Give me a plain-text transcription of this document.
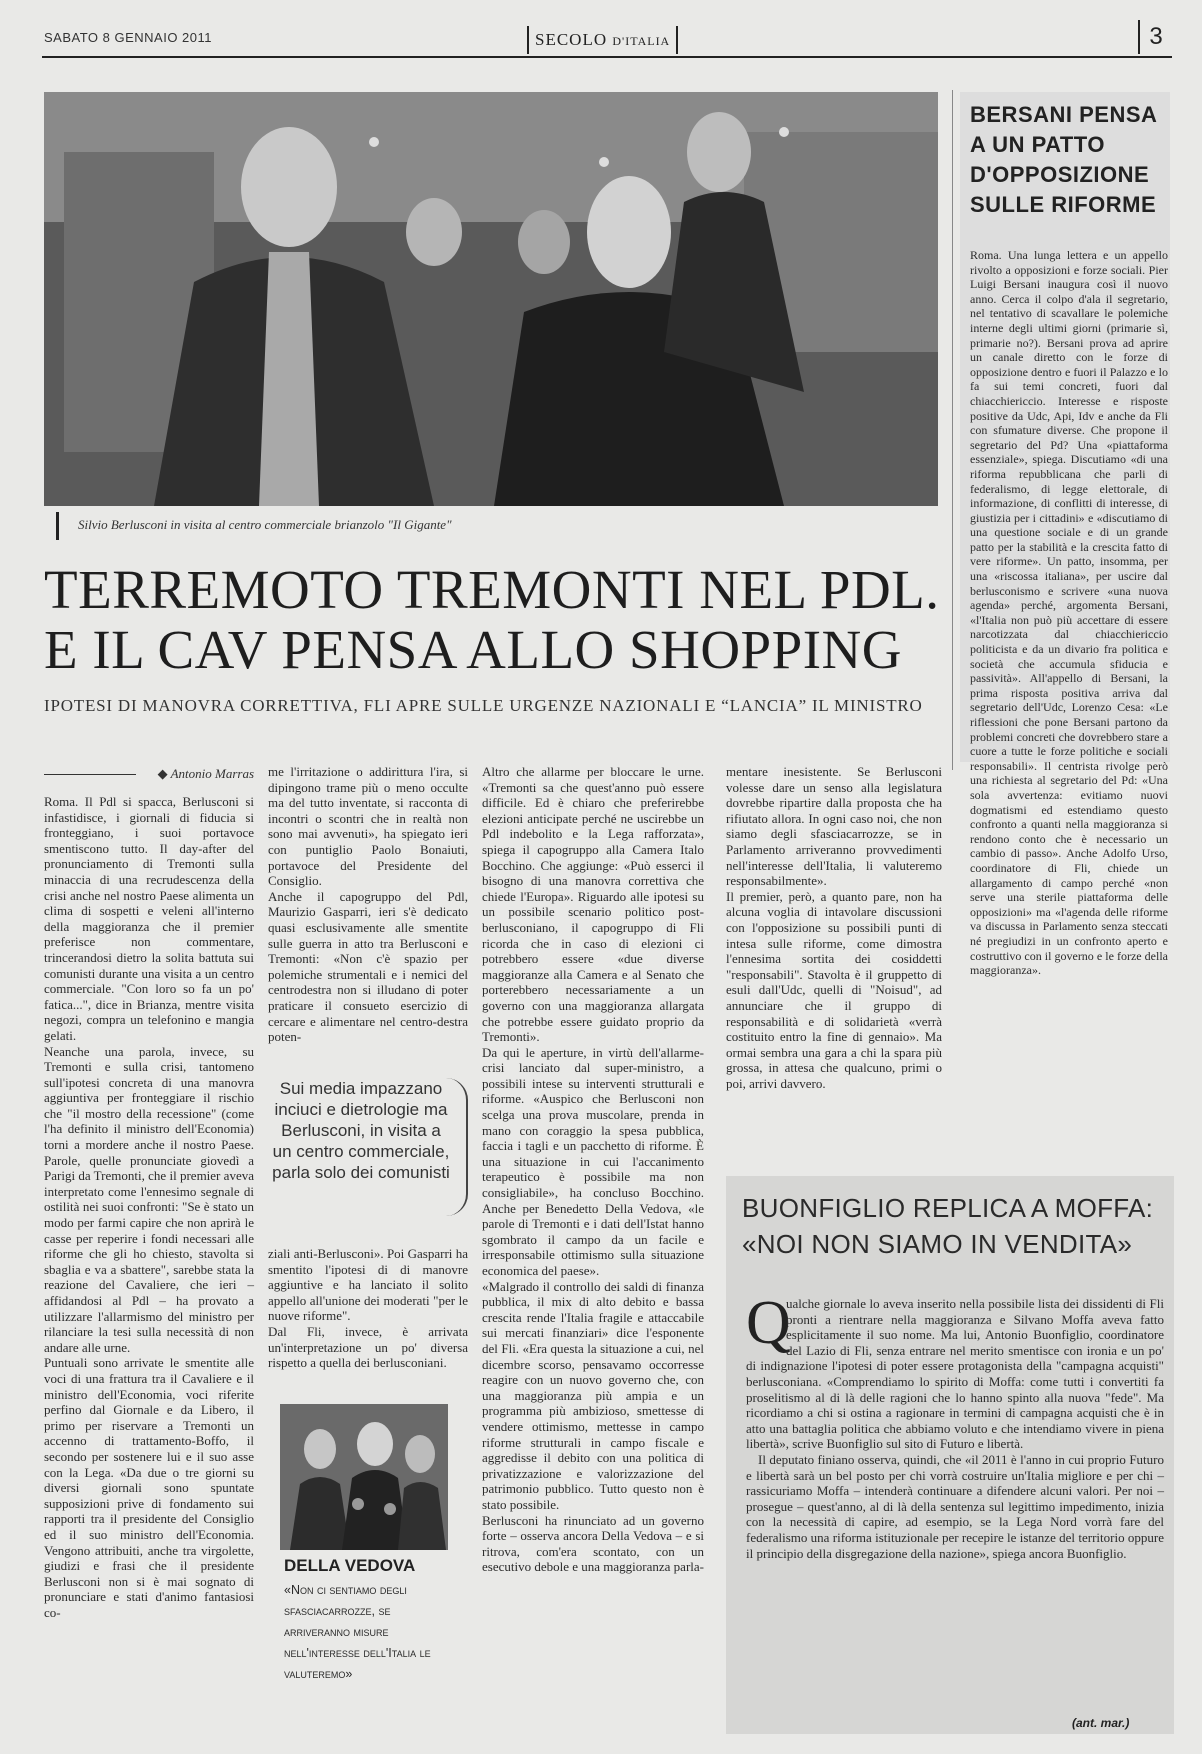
SABATO 8 GENNAIO 2011	SECOLO D'ITALIA	3
Silvio Berlusconi in visita al centro commerciale brianzolo "Il Gigante"
TERREMOTO TREMONTI NEL PDL.
E IL CAV PENSA ALLO SHOPPING
IPOTESI DI MANOVRA CORRETTIVA, FLI APRE SULLE URGENZE NAZIONALI E “LANCIA” IL MINISTRO
◆ Antonio Marras
Roma. Il Pdl si spacca, Berlusconi si infastidisce, i giornali di fiducia si fronteggiano, i suoi portavoce smentiscono tutto. Il day-after del pronunciamento di Tremonti sulla minaccia di una recrudescenza della crisi anche nel nostro Paese alimenta un clima di sospetti e veleni all'interno della maggioranza che il premier preferisce non commentare, trincerandosi dietro la solita battuta sui comunisti durante una visita a un centro commerciale. "Con loro so fa un po' fatica...", dice in Brianza, mentre visita negozi, compra un telefonino e mangia gelati.
Neanche una parola, invece, su Tremonti e sulla crisi, tantomeno sull'ipotesi concreta di una manovra aggiuntiva per fronteggiare il rischio che "il mostro della recessione" (come l'ha definito il ministro dell'Economia) torni a mordere anche il nostro Paese. Parole, quelle pronunciate giovedì a Parigi da Tremonti, che il premier aveva interpretato come l'ennesimo segnale di ostilità nei suoi confronti: "Se è stato un modo per farmi capire che non aprirà le casse per reperire i fondi necessari alle riforme che gli ho chiesto, stavolta si sbaglia e va a sbattere", sarebbe stata la reazione del Cavaliere, che ieri – affidandosi al Pdl – ha provato a utilizzare l'allarmismo del ministro per rilanciare la tesi sulla necessità di non andare alle urne.
Puntuali sono arrivate le smentite alle voci di una frattura tra il Cavaliere e il ministro dell'Economia, voci riferite perfino dal Giornale e da Libero, il primo per riservare a Tremonti un accenno di trattamento-Boffo, il secondo per sostenere lui e il suo asse con la Lega. «Da due o tre giorni su diversi giornali sono spuntate supposizioni prive di fondamento sui rapporti tra il presidente del Consiglio ed il suo ministro dell'Economia. Vengono attribuiti, anche tra virgolette, giudizi e frasi che il presidente Berlusconi non si è mai sognato di pronunciare e stati d'animo fantasiosi co-
me l'irritazione o addirittura l'ira, si dipingono trame più o meno occulte ma del tutto inventate, si racconta di incontri o scontri che in realtà non sono mai avvenuti», ha spiegato ieri con puntiglio Paolo Bonaiuti, portavoce del Presidente del Consiglio.
Anche il capogruppo del Pdl, Maurizio Gasparri, ieri s'è dedicato quasi esclusivamente alle smentite sulle guerra in atto tra Berlusconi e Tremonti: «Non c'è spazio per polemiche strumentali e i nemici del centrodestra non si illudano di poter praticare il consueto esercizio di cercare e alimentare nel centro-destra poten-
Sui media impazzano inciuci e dietrologie ma Berlusconi, in visita a un centro commerciale, parla solo dei comunisti
ziali anti-Berlusconi». Poi Gasparri ha smentito l'ipotesi di di manovre aggiuntive e ha lanciato il solito appello all'unione dei moderati "per le nuove riforme".
Dal Fli, invece, è arrivata un'interpretazione un po' diversa rispetto a quella dei berlusconiani.
DELLA VEDOVA
«Non ci sentiamo degli sfasciacarrozze, se arriveranno misure nell'interesse dell'Italia le valuteremo»
Altro che allarme per bloccare le urne. «Tremonti sa che quest'anno può essere difficile. Ed è chiaro che preferirebbe elezioni anticipate perché ne uscirebbe un Pdl indebolito e la Lega rafforzata», spiega il capogruppo alla Camera Italo Bocchino. Che aggiunge: «Può esserci il bisogno di una manovra correttiva che chiede l'Europa». Riguardo alle ipotesi su un possibile scenario politico post-berlusconiano, il capogruppo di Fli ricorda che in caso di elezioni ci potrebbero essere «due diverse maggioranze alla Camera e al Senato che porterebbero necessariamente a un governo con una maggioranza allargata che potrebbe essere guidato proprio da Tremonti».
Da qui le aperture, in virtù dell'allarme-crisi lanciato dal super-ministro, a possibili intese su interventi strutturali e riforme. «Auspico che Berlusconi non scelga una prova muscolare, prenda in mano con coraggio la spesa pubblica, faccia i tagli e un pacchetto di riforme. È una situazione in cui l'accanimento terapeutico è possibile ma non consigliabile», ha concluso Bocchino. Anche per Benedetto Della Vedova, «le parole di Tremonti e i dati dell'Istat hanno sgombrato il campo da un facile e irresponsabile ottimismo sulla situazione economica del paese».
«Malgrado il controllo dei saldi di finanza pubblica, il mix di alto debito e bassa crescita rende l'Italia fragile e attaccabile sui mercati finanziari» dice l'esponente del Fli. «Era questa la situazione a cui, nel dicembre scorso, pensavamo occorresse reagire con un nuovo governo che, con una maggioranza più ampia e un programma più ambizioso, smettesse di vendere ottimismo, mettesse in campo riforme strutturali in campo fiscale e aggredisse il debito con una politica di privatizzazione e valorizzazione del patrimonio pubblico. Tutto questo non è stato possibile.
Berlusconi ha rinunciato ad un governo forte – osserva ancora Della Vedova – e si ritrova, com'era scontato, con un esecutivo debole e una maggioranza parla-
mentare inesistente. Se Berlusconi volesse dare un senso alla legislatura dovrebbe ripartire dalla proposta che ha rifiutato allora. In ogni caso noi, che non siamo degli sfasciacarrozze, se in Parlamento arriveranno provvedimenti nell'interesse dell'Italia, li valuteremo responsabilmente».
Il premier, però, a quanto pare, non ha alcuna voglia di intavolare discussioni con l'opposizione su possibili punti di intesa sulle riforme, come dimostra l'ennesima sortita dei cosiddetti "responsabili". Stavolta è il gruppetto di esuli dall'Udc, quelli di "Noisud", ad annunciare che il gruppo di responsabilità e di solidarietà «verrà costituito entro la fine di gennaio». Ma ormai sembra una gara a chi la spara più grossa, in attesa che qualcuno, primi o poi, arrivi davvero.
BERSANI PENSA A UN PATTO D'OPPOSIZIONE SULLE RIFORME
Roma. Una lunga lettera e un appello rivolto a opposizioni e forze sociali. Pier Luigi Bersani inaugura così il nuovo anno. Cerca il colpo d'ala il segretario, nel tentativo di scavallare le polemiche interne degli ultimi giorni (primarie sì, primarie no?). Bersani prova ad aprire un canale diretto con le forze di opposizione dentro e fuori il Palazzo e lo fa sui temi concreti, fuori dal chiacchiericcio. Interesse e risposte positive da Udc, Api, Idv e anche da Fli con sfumature diverse. Che propone il segretario del Pd? Una «piattaforma essenziale», spiega. Discutiamo «di una riforma repubblicana che parli di federalismo, di legge elettorale, di informazione, di conflitti di interesse, di giustizia per i cittadini» e «discutiamo di una questione sociale e di un grande patto per la stabilità e la crescita fatto di vere riforme». Un patto, insomma, per una «riscossa italiana», per uscire dal berlusconismo e scrivere «una nuova agenda» perché, argomenta Bersani, «l'Italia non può più accettare di essere narcotizzata dal chiacchiericcio politicista e da un divario fra politica e società che accumula sfiducia e passività». All'appello di Bersani, la prima risposta positiva arriva dal segretario dell'Udc, Lorenzo Cesa: «Le riflessioni che pone Bersani partono da problemi concreti che dovrebbero stare a cuore a tutte le forze politiche e sociali responsabili». Il centrista rivolge però una richiesta al segretario del Pd: «Una sola avvertenza: evitiamo nuovi dogmatismi ed estendiamo questo confronto a quanti nella maggioranza si rendono conto che è necessario un cambio di passo». Anche Adolfo Urso, coordinatore di Fli, chiede un allargamento di campo perché «non serve una sterile piattaforma delle opposizioni» ma «l'agenda delle riforme va discussa in Parlamento senza steccati né pregiudizi in un confronto aperto e costruttivo con il governo e le forze della maggioranza».
BUONFIGLIO REPLICA A MOFFA:
«NOI NON SIAMO IN VENDITA»
Q
ualche giornale lo aveva inserito nella possibile lista dei dissidenti di Fli pronti a rientrare nella maggioranza e Silvano Moffa aveva fatto esplicitamente il suo nome. Ma lui, Antonio Buonfiglio, coordinatore del Lazio di Fli, senza entrare nel merito smentisce con ironia e un po' di indignazione l'ipotesi di poter essere protagonista della "campagna acquisti" berlusconiana. «Comprendiamo lo spirito di Moffa: come tutti i convertiti fa proselitismo al di là delle ragioni che lo hanno spinto alla nuova "fede". Ma ricordiamo a chi si ostina a ragionare in termini di campagna acquisti che è in atto una battaglia politica che abbiamo voluto e che intendiamo vivere in piena libertà», scrive Buonfiglio sul sito di Futuro e libertà.
Il deputato finiano osserva, quindi, che «il 2011 è l'anno in cui proprio Futuro e libertà sarà un bel posto per chi vorrà costruire un'Italia migliore e per chi – rassicuriamo Moffa – intenderà continuare a difendere alcuni valori. Per noi – prosegue – quest'anno, al di là della sentenza sul legittimo impedimento, inizia con la necessità di capire, ad esempio, se la Lega Nord vorrà fare del federalismo una riforma istituzionale per recepire le istanze del territorio oppure il principio della disgregazione della nazione», spiega ancora Buonfiglio.
(ant. mar.)
